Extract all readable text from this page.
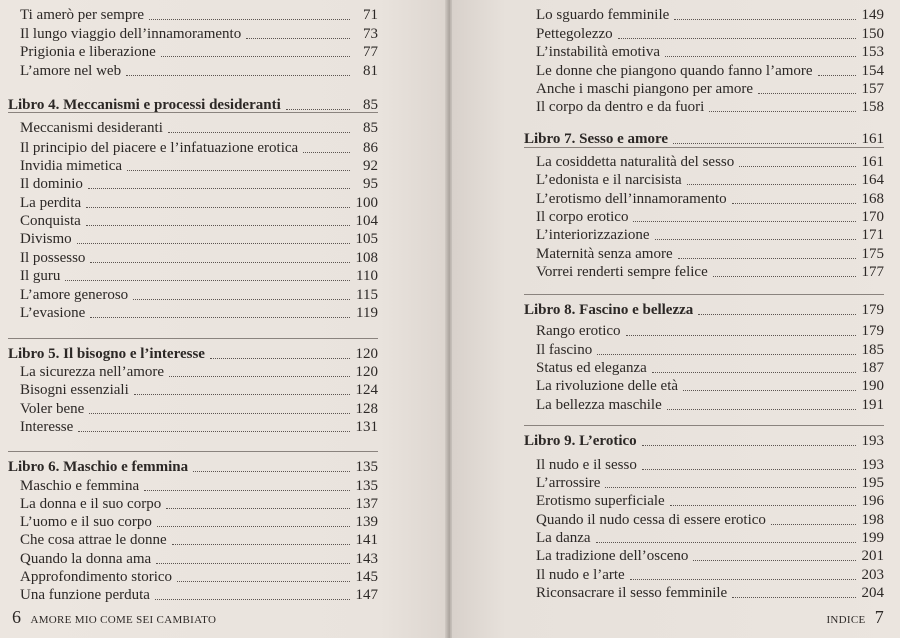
Ti amerò per sempre	71
Il lungo viaggio dell’innamoramento	73
Prigionia e liberazione	77
L’amore nel web	81
Libro 4. Meccanismi e processi desideranti	85
Meccanismi desideranti	85
Il principio del piacere e l’infatuazione erotica	86
Invidia mimetica	92
Il dominio	95
La perdita	100
Conquista	104
Divismo	105
Il possesso	108
Il guru	110
L’amore generoso	115
L’evasione	119
Libro 5. Il bisogno e l’interesse	120
La sicurezza nell’amore	120
Bisogni essenziali	124
Voler bene	128
Interesse	131
Libro 6. Maschio e femmina	135
Maschio e femmina	135
La donna e il suo corpo	137
L’uomo e il suo corpo	139
Che cosa attrae le donne	141
Quando la donna ama	143
Approfondimento storico	145
Una funzione perduta	147
6 AMORE MIO COME SEI CAMBIATO
Lo sguardo femminile	149
Pettegolezzo	150
L’instabilità emotiva	153
Le donne che piangono quando fanno l’amore	154
Anche i maschi piangono per amore	157
Il corpo da dentro e da fuori	158
Libro 7. Sesso e amore	161
La cosiddetta naturalità del sesso	161
L’edonista e il narcisista	164
L’erotismo dell’innamoramento	168
Il corpo erotico	170
L’interiorizzazione	171
Maternità senza amore	175
Vorrei renderti sempre felice	177
Libro 8. Fascino e bellezza	179
Rango erotico	179
Il fascino	185
Status ed eleganza	187
La rivoluzione delle età	190
La bellezza maschile	191
Libro 9. L’erotico	193
Il nudo e il sesso	193
L’arrossire	195
Erotismo superficiale	196
Quando il nudo cessa di essere erotico	198
La danza	199
La tradizione dell’osceno	201
Il nudo e l’arte	203
Riconsacrare il sesso femminile	204
INDICE 7
